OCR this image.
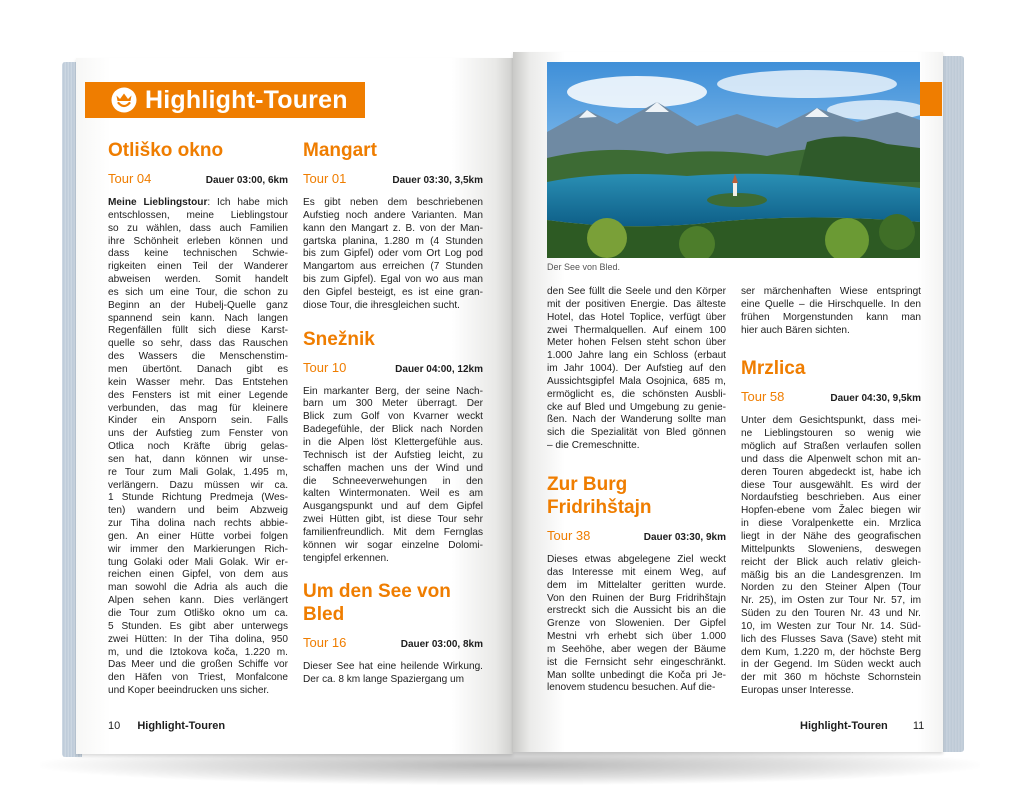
Highlight-Touren
Otliško okno
Tour 04	Dauer 03:00, 6km
Meine Lieblingstour: Ich habe mich
entschlossen, meine Lieblingstour
so zu wählen, dass auch Familien
ihre Schönheit erleben können und
dass keine technischen Schwie-
rigkeiten einen Teil der Wanderer
abweisen werden. Somit handelt
es sich um eine Tour, die schon zu
Beginn an der Hubelj-Quelle ganz
spannend sein kann. Nach langen
Regenfällen füllt sich diese Karst-
quelle so sehr, dass das Rauschen
des Wassers die Menschenstim-
men übertönt. Danach gibt es
kein Wasser mehr. Das Entstehen
des Fensters ist mit einer Legende
verbunden, das mag für kleinere
Kinder ein Ansporn sein. Falls
uns der Aufstieg zum Fenster von
Otlica noch Kräfte übrig gelas-
sen hat, dann können wir unse-
re Tour zum Mali Golak, 1.495 m,
verlängern. Dazu müssen wir ca.
1 Stunde Richtung Predmeja (Wes-
ten) wandern und beim Abzweig
zur Tiha dolina nach rechts abbie-
gen. An einer Hütte vorbei folgen
wir immer den Markierungen Rich-
tung Golaki oder Mali Golak. Wir er-
reichen einen Gipfel, von dem aus
man sowohl die Adria als auch die
Alpen sehen kann. Dies verlängert
die Tour zum Otliško okno um ca.
5 Stunden. Es gibt aber unterwegs
zwei Hütten: In der Tiha dolina, 950
m, und die Iztokova koča, 1.220 m.
Das Meer und die großen Schiffe vor
den Häfen von Triest, Monfalcone
und Koper beeindrucken uns sicher.
Mangart
Tour 01	Dauer 03:30, 3,5km
Es gibt neben dem beschriebenen
Aufstieg noch andere Varianten. Man
kann den Mangart z. B. von der Man-
gartska planina, 1.280 m (4 Stunden
bis zum Gipfel) oder vom Ort Log pod
Mangartom aus erreichen (7 Stunden
bis zum Gipfel). Egal von wo aus man
den Gipfel besteigt, es ist eine gran-
diose Tour, die ihresgleichen sucht.
Snežnik
Tour 10	Dauer 04:00, 12km
Ein markanter Berg, der seine Nach-
barn um 300 Meter überragt. Der
Blick zum Golf von Kvarner weckt
Badegefühle, der Blick nach Norden
in die Alpen löst Klettergefühle aus.
Technisch ist der Aufstieg leicht, zu
schaffen machen uns der Wind und
die Schneeverwehungen in den
kalten Wintermonaten. Weil es am
Ausgangspunkt und auf dem Gipfel
zwei Hütten gibt, ist diese Tour sehr
familienfreundlich. Mit dem Fernglas
können wir sogar einzelne Dolomi-
tengipfel erkennen.
Um den See von Bled
Tour 16	Dauer 03:00, 8km
Dieser See hat eine heilende Wirkung.
Der ca. 8 km lange Spaziergang um
10 Highlight-Touren
Der See von Bled.
den See füllt die Seele und den Körper
mit der positiven Energie. Das älteste
Hotel, das Hotel Toplice, verfügt über
zwei Thermalquellen. Auf einem 100
Meter hohen Felsen steht schon über
1.000 Jahre lang ein Schloss (erbaut
im Jahr 1004). Der Aufstieg auf den
Aussichtsgipfel Mala Osojnica, 685 m,
ermöglicht es, die schönsten Ausbli-
cke auf Bled und Umgebung zu genie-
ßen. Nach der Wanderung sollte man
sich die Spezialität von Bled gönnen
– die Cremeschnitte.
Zur Burg Fridrihštajn
Tour 38	Dauer 03:30, 9km
Dieses etwas abgelegene Ziel weckt
das Interesse mit einem Weg, auf
dem im Mittelalter geritten wurde.
Von den Ruinen der Burg Fridrihštajn
erstreckt sich die Aussicht bis an die
Grenze von Slowenien. Der Gipfel
Mestni vrh erhebt sich über 1.000
m Seehöhe, aber wegen der Bäume
ist die Fernsicht sehr eingeschränkt.
Man sollte unbedingt die Koča pri Je-
lenovem studencu besuchen. Auf die-
ser märchenhaften Wiese entspringt
eine Quelle – die Hirschquelle. In den
frühen Morgenstunden kann man
hier auch Bären sichten.
Mrzlica
Tour 58	Dauer 04:30, 9,5km
Unter dem Gesichtspunkt, dass mei-
ne Lieblingstouren so wenig wie
möglich auf Straßen verlaufen sollen
und dass die Alpenwelt schon mit an-
deren Touren abgedeckt ist, habe ich
diese Tour ausgewählt. Es wird der
Nordaufstieg beschrieben. Aus einer
Hopfen-ebene vom Žalec biegen wir
in diese Voralpenkette ein. Mrzlica
liegt in der Nähe des geografischen
Mittelpunkts Sloweniens, deswegen
reicht der Blick auch relativ gleich-
mäßig bis an die Landesgrenzen. Im
Norden zu den Steiner Alpen (Tour
Nr. 25), im Osten zur Tour Nr. 57, im
Süden zu den Touren Nr. 43 und Nr.
10, im Westen zur Tour Nr. 14. Süd-
lich des Flusses Sava (Save) steht mit
dem Kum, 1.220 m, der höchste Berg
in der Gegend. Im Süden weckt auch
der mit 360 m höchste Schornstein
Europas unser Interesse.
Highlight-Touren 11
